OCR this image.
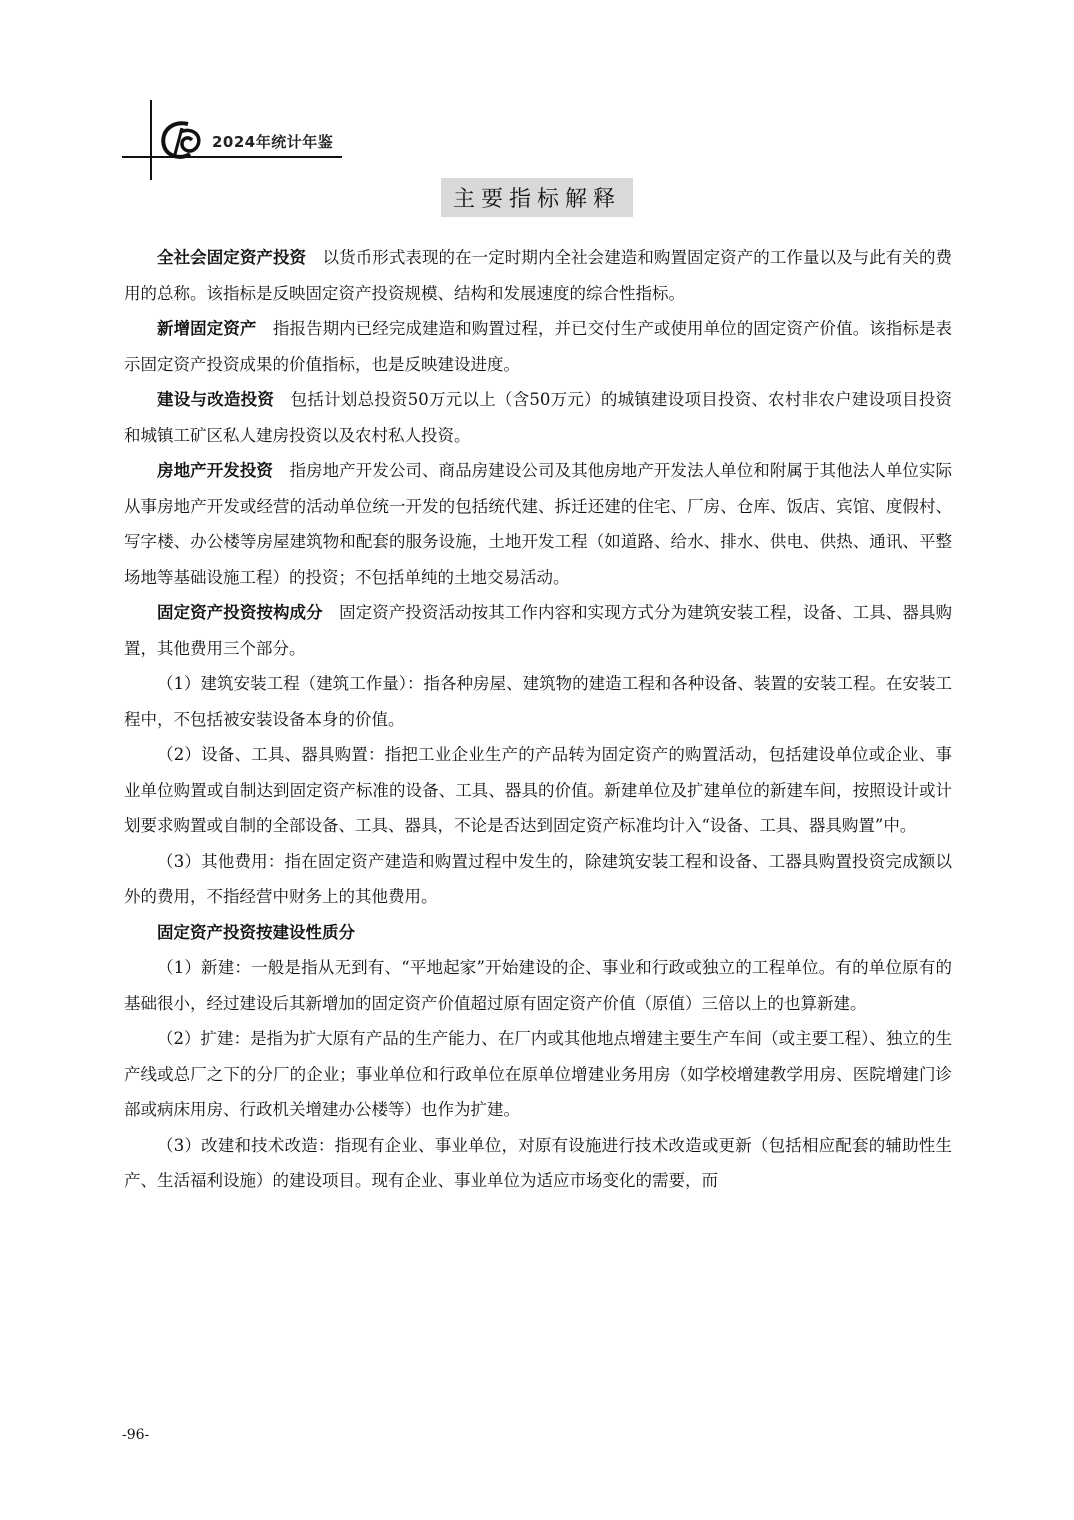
2024年统计年鉴
主要指标解释

全社会固定资产投资 以货币形式表现的在一定时期内全社会建造和购置固定资产的工作量以及与此有关的费用的总称。该指标是反映固定资产投资规模、结构和发展速度的综合性指标。

新增固定资产 指报告期内已经完成建造和购置过程，并已交付生产或使用单位的固定资产价值。该指标是表示固定资产投资成果的价值指标，也是反映建设进度。

建设与改造投资 包括计划总投资50万元以上（含50万元）的城镇建设项目投资、农村非农户建设项目投资和城镇工矿区私人建房投资以及农村私人投资。

房地产开发投资 指房地产开发公司、商品房建设公司及其他房地产开发法人单位和附属于其他法人单位实际从事房地产开发或经营的活动单位统一开发的包括统代建、拆迁还建的住宅、厂房、仓库、饭店、宾馆、度假村、写字楼、办公楼等房屋建筑物和配套的服务设施，土地开发工程（如道路、给水、排水、供电、供热、通讯、平整场地等基础设施工程）的投资；不包括单纯的土地交易活动。

固定资产投资按构成分 固定资产投资活动按其工作内容和实现方式分为建筑安装工程，设备、工具、器具购置，其他费用三个部分。

（1）建筑安装工程（建筑工作量）：指各种房屋、建筑物的建造工程和各种设备、装置的安装工程。在安装工程中，不包括被安装设备本身的价值。

（2）设备、工具、器具购置：指把工业企业生产的产品转为固定资产的购置活动，包括建设单位或企业、事业单位购置或自制达到固定资产标准的设备、工具、器具的价值。新建单位及扩建单位的新建车间，按照设计或计划要求购置或自制的全部设备、工具、器具，不论是否达到固定资产标准均计入“设备、工具、器具购置”中。

（3）其他费用：指在固定资产建造和购置过程中发生的，除建筑安装工程和设备、工器具购置投资完成额以外的费用，不指经营中财务上的其他费用。

固定资产投资按建设性质分

（1）新建：一般是指从无到有、“平地起家”开始建设的企、事业和行政或独立的工程单位。有的单位原有的基础很小，经过建设后其新增加的固定资产价值超过原有固定资产价值（原值）三倍以上的也算新建。

（2）扩建：是指为扩大原有产品的生产能力、在厂内或其他地点增建主要生产车间（或主要工程）、独立的生产线或总厂之下的分厂的企业；事业单位和行政单位在原单位增建业务用房（如学校增建教学用房、医院增建门诊部或病床用房、行政机关增建办公楼等）也作为扩建。

（3）改建和技术改造：指现有企业、事业单位，对原有设施进行技术改造或更新（包括相应配套的辅助性生产、生活福利设施）的建设项目。现有企业、事业单位为适应市场变化的需要，而

-96-
